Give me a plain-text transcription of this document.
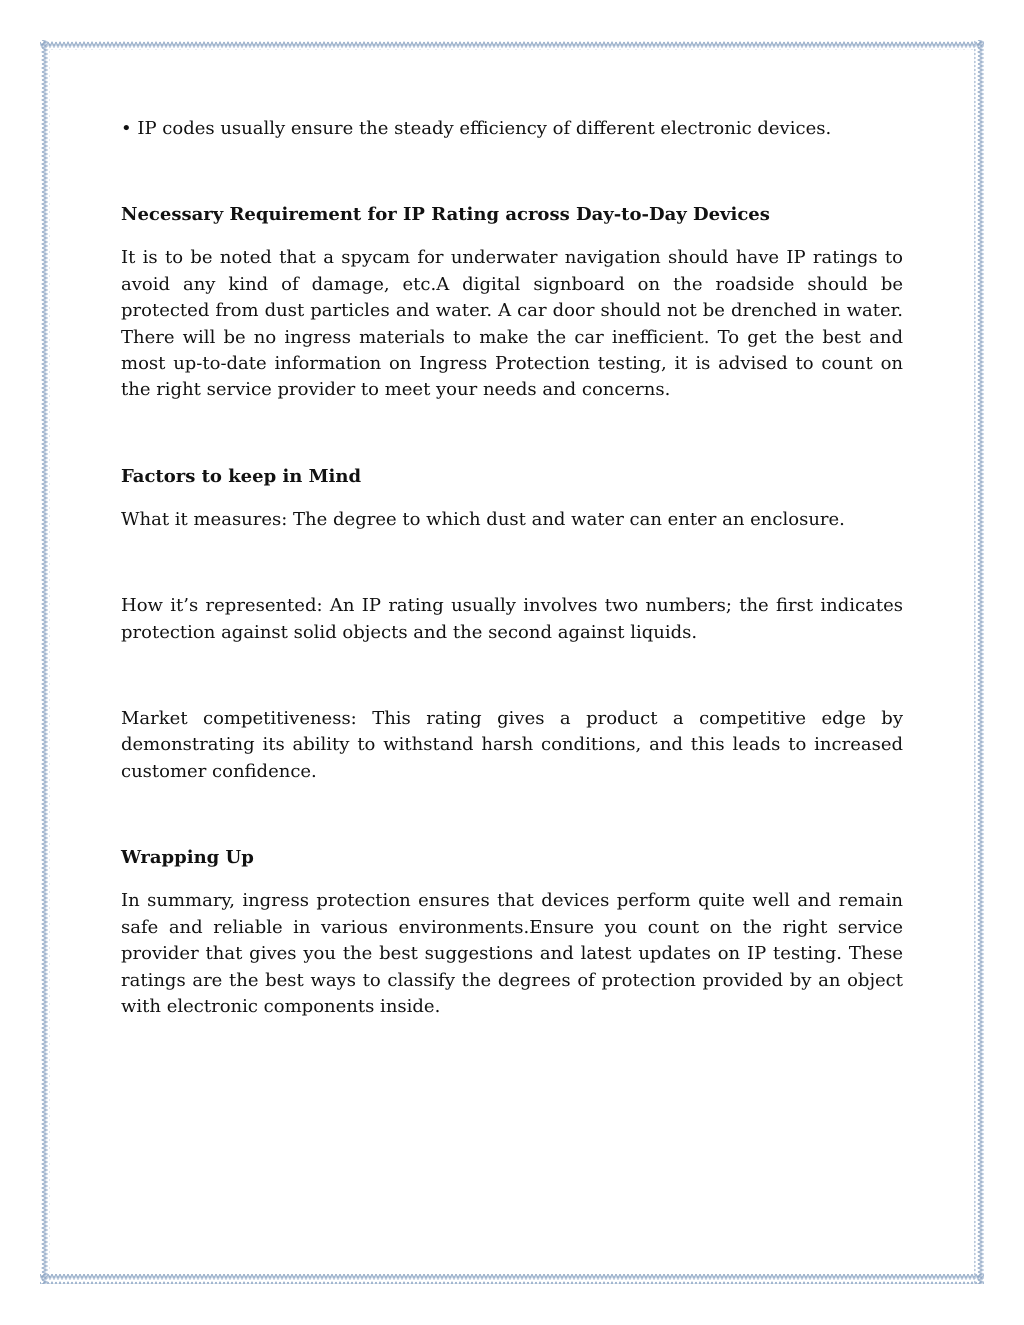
• IP codes usually ensure the steady efficiency of different electronic devices.

Necessary Requirement for IP Rating across Day-to-Day Devices

It is to be noted that a spycam for underwater navigation should have IP ratings to avoid any kind of damage, etc.A digital signboard on the roadside should be protected from dust particles and water. A car door should not be drenched in water. There will be no ingress materials to make the car inefficient. To get the best and most up-to-date information on Ingress Protection testing, it is advised to count on the right service provider to meet your needs and concerns.

Factors to keep in Mind

What it measures: The degree to which dust and water can enter an enclosure.

How it’s represented: An IP rating usually involves two numbers; the first indicates protection against solid objects and the second against liquids.

Market competitiveness: This rating gives a product a competitive edge by demonstrating its ability to withstand harsh conditions, and this leads to increased customer confidence.

Wrapping Up

In summary, ingress protection ensures that devices perform quite well and remain safe and reliable in various environments.Ensure you count on the right service provider that gives you the best suggestions and latest updates on IP testing. These ratings are the best ways to classify the degrees of protection provided by an object with electronic components inside.
